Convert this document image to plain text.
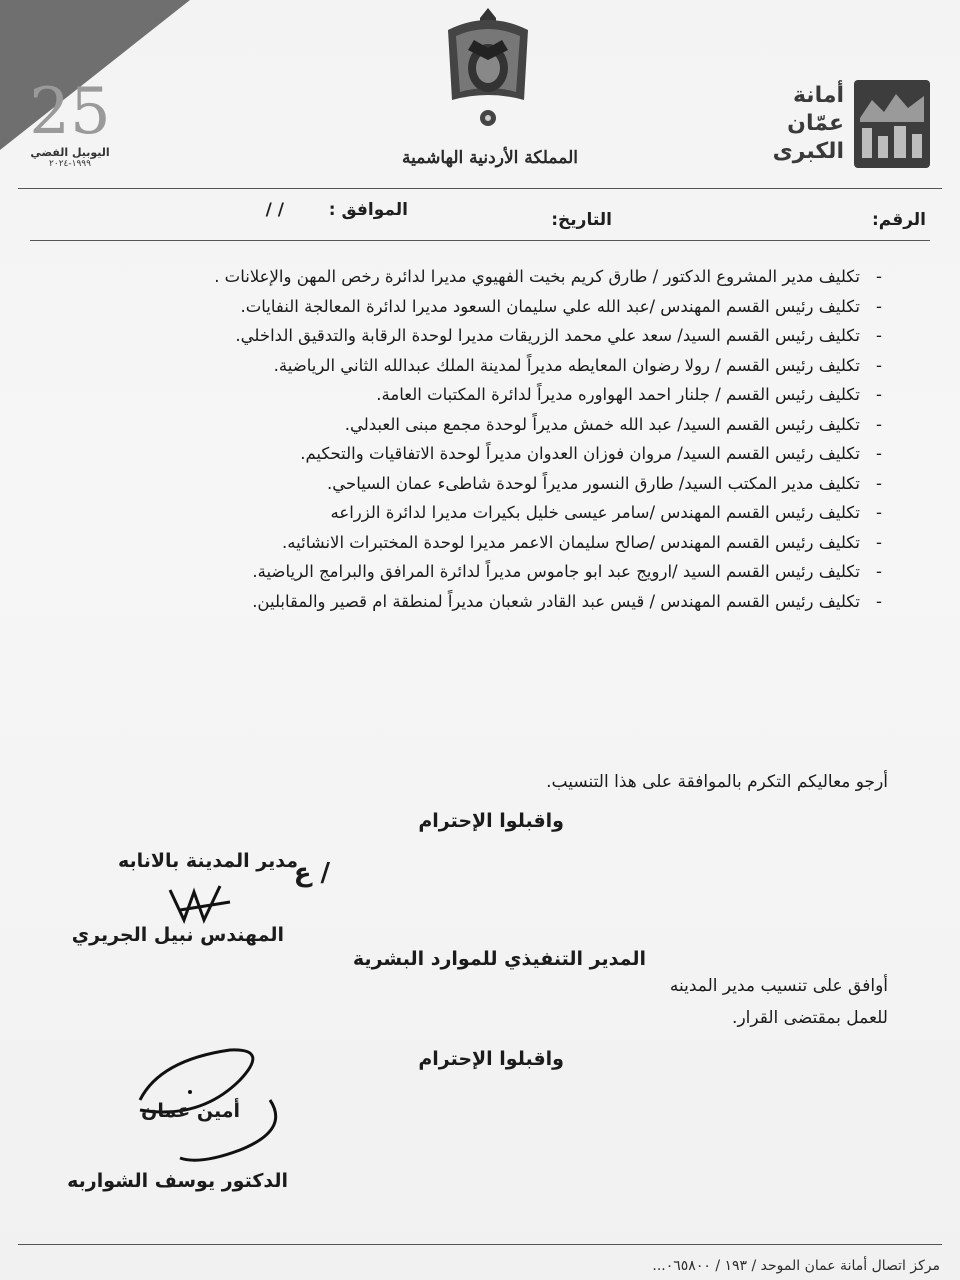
25
اليوبيل الفضي
١٩٩٩-٢٠٢٤	المملكة الأردنية الهاشمية
أمانة
عمّان
الكبرى
الرقم:
التاريخ:
الموافق :
/ /
- تكليف مدير المشروع الدكتور / طارق كريم بخيت الفهيوي مديرا لدائرة رخص المهن والإعلانات .
- تكليف رئيس القسم المهندس /عبد الله علي سليمان السعود مديرا لدائرة المعالجة النفايات.
- تكليف رئيس القسم السيد/ سعد علي محمد الزريقات مديرا لوحدة الرقابة والتدقيق الداخلي.
- تكليف رئيس القسم / رولا رضوان المعايطه مديراً لمدينة الملك عبدالله الثاني الرياضية.
- تكليف رئيس القسم / جلنار احمد الهواوره مديراً لدائرة المكتبات العامة.
- تكليف رئيس القسم السيد/ عبد الله خمش مديراً لوحدة مجمع مبنى العبدلي.
- تكليف رئيس القسم السيد/ مروان فوزان العدوان مديراً لوحدة الاتفاقيات والتحكيم.
- تكليف مدير المكتب السيد/ طارق النسور مديراً لوحدة شاطىء عمان السياحي.
- تكليف رئيس القسم المهندس /سامر عيسى خليل بكيرات مديرا لدائرة الزراعه
- تكليف رئيس القسم المهندس /صالح سليمان الاعمر مديرا لوحدة المختبرات الانشائيه.
- تكليف رئيس القسم السيد /ارويج عبد ابو جاموس مديراً لدائرة المرافق والبرامج الرياضية.
- تكليف رئيس القسم المهندس / قيس عبد القادر شعبان مديراً لمنطقة ام قصير والمقابلين.
أرجو معاليكم التكرم بالموافقة على هذا التنسيب.
واقبلوا الإحترام
مدير المدينة بالانابه
/ ع
المهندس نبيل الجريري
المدير التنفيذي للموارد البشرية
أوافق على تنسيب مدير المدينه
للعمل بمقتضى القرار.
واقبلوا الإحترام
أمين عمان
الدكتور يوسف الشواربه
مركز اتصال أمانة عمان الموحد / ١٩٣ / ٠٦٥٨٠٠...
